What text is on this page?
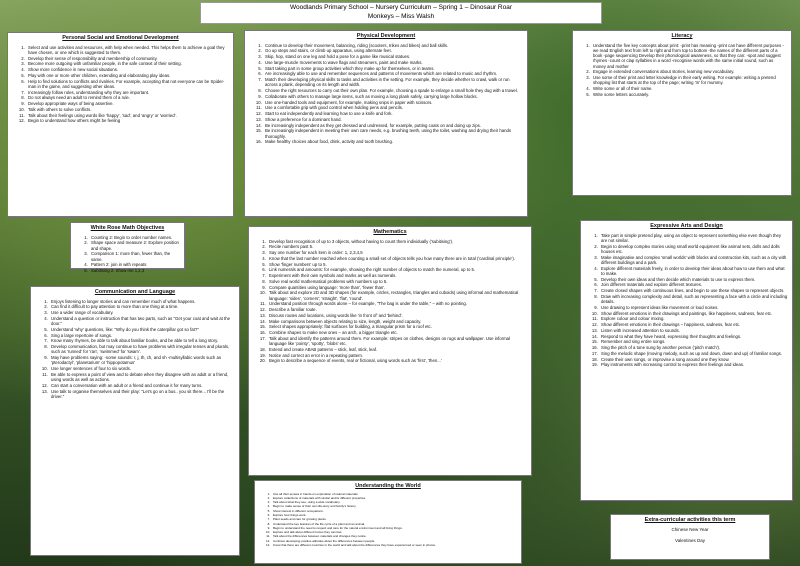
Woodlands Primary School – Nursery Curriculum – Spring 1 – Dinosaur Roar
Monkeys – Miss Walsh
Personal Social and Emotional Development
1. Select and use activities and resources, with help when needed. This helps them to achieve a goal they have chosen, or one which is suggested to them.
2. Develop their sense of responsibility and membership of community.
3. Become more outgoing with unfamiliar people, in the safe context of their setting.
4. Show more confidence in new social situations.
5. Play with one or more other children, extending and elaborating play ideas.
6. Help to find solutions to conflicts and rivalries. For example, accepting that not everyone can be Spider-man in the game, and suggesting other ideas.
7. Increasingly follow rules, understanding why they are important.
8. Do not always need an adult to remind them of a rule.
9. Develop appropriate ways of being assertive.
10. Talk with others to solve conflicts.
11. Talk about their feelings using words like 'happy', 'sad', and 'angry' or 'worried'.
12. Begin to understand how others might be feeling
White Rose Math Objectives
1. Counting 2: Begin to order number names.
2. Shape space and measure 2: Explore position and shape.
3. Comparison 1: more than, fewer than, the same.
4. Pattern 2: join in with repeats
5. Subitising 2: Show me 1,2,3
Communication and Language
1. Enjoys listening to longer stories and can remember much of what happens.
2. Can find it difficult to pay attention to more than one thing at a time.
3. Use a wider range of vocabulary.
4. Understand a question or instruction that has two parts, such as "Get your coat and wait at the door."
5. Understand 'why' questions, like: "Why do you think the caterpillar got so fat?"
6. Sing a large repertoire of songs.
7. Know many rhymes, be able to talk about familiar books, and be able to tell a long story.
8. Develop communication, but may continue to have problems with irregular tenses and plurals, such as 'runned' for 'ran', 'swimmed' for 'swam'.
9. May have problems saying: -some sounds: r, j, th, ch, and sh -multisyllabic words such as 'pterodactyl', 'planetarium' or 'hippopotamus'
10. Use longer sentences of four to six words.
11. Be able to express a point of view and to debate when they disagree with an adult or a friend, using words as well as actions.
12. Can start a conversation with an adult or a friend and continue it for many turns.
13. Use talk to organise themselves and their play: "Let's go on a bus.. you sit there... I'll be the driver."
Physical Development
1. Continue to develop their movement, balancing, riding (scooters, trikes and bikes) and ball skills.
2. Go up steps and stairs, or climb up apparatus, using alternate feet.
3. Skip, hop, stand on one leg and hold a pose for a game like musical statues.
4. Use large-muscle movements to wave flags and streamers, paint and make marks.
5. Start taking part in some group activities which they make up for themselves, or in teams.
6. Are increasingly able to use and remember sequences and patterns of movements which are related to music and rhythm.
7. Match their developing physical skills to tasks and activities in the setting. For example, they decide whether to crawl, walk or run across a plank, depending on its length and width.
8. Choose the right resources to carry out their own plan. For example, choosing a spade to enlarge a small hole they dug with a trowel.
9. Collaborate with others to manage large items, such as moving a long plank safely, carrying large hollow blocks.
10. Use one-handed tools and equipment, for example, making snips in paper with scissors.
11. Use a comfortable grip with good control when holding pens and pencils.
12. Start to eat independently and learning how to use a knife and fork.
13. Show a preference for a dominant hand.
14. Be increasingly independent as they get dressed and undressed, for example, putting coats on and doing up zips.
15. Be increasingly independent in meeting their own care needs, e.g. brushing teeth, using the toilet, washing and drying their hands thoroughly.
16. Make healthy choices about food, drink, activity and tooth brushing.
Mathematics
1. Develop fast recognition of up to 3 objects, without having to count them individually ('subitising').
2. Recite numbers past 5.
3. Say one number for each item in order: 1, 2,3,4,5
4. Know that the last number reached when counting a small set of objects tells you how many there are in total ('cardinal principle').
5. Show 'finger numbers' up to 5.
6. Link numerals and amounts: for example, showing the right number of objects to match the numeral, up to 5.
7. Experiment with their own symbols and marks as well as numerals.
8. Solve real world mathematical problems with numbers up to 5.
9. Compare quantities using language: 'more than', 'fewer than'.
10. Talk about and explore 2D and 3D shapes (for example, circles, rectangles, triangles and cuboids) using informal and mathematical language: 'sides', 'corners'; 'straight', 'flat', 'round'.
11. Understand position through words alone – for example, "The bag is under the table," – with no pointing.
12. Describe a familiar route.
13. Discuss routes and locations, using words like 'in front of' and 'behind'.
14. Make comparisons between objects relating to size, length, weight and capacity.
15. Select shapes appropriately: flat surfaces for building, a triangular prism for a roof etc.
16. Combine shapes to make new ones – an arch, a bigger triangle etc.
17. Talk about and identify the patterns around them. For example: stripes on clothes, designs on rugs and wallpaper. Use informal language like 'pointy', 'spotty', 'blobs' etc.
18. Extend and create ABAB patterns – stick, leaf, stick, leaf.
19. Notice and correct an error in a repeating pattern.
20. Begin to describe a sequence of events, real or fictional, using words such as 'first', 'then...'
Understanding the World
1. Use all their senses in hands-on exploration of natural materials.
2. Explore collections of materials with similar and/or different properties.
3. Talk about what they see, using a wide vocabulary.
4. Begin to make sense of their own life-story and family's history.
5. Show interest in different occupations.
6. Explore how things work.
7. Plant seeds and care for growing plants.
8. Understand the key features of the life cycle of a plant and an animal.
9. Begin to understand the need to respect and care for the natural environment and all living things.
10. Explore and talk about different forces they can feel.
11. Talk about the differences between materials and changes they notice.
12. Continue developing positive attitudes about the differences between people.
13. Know that there are different countries in the world and talk about the differences they have experienced or seen in photos.
Literacy
1. Understand the five key concepts about print: -print has meaning -print can have different purposes -we read English text from left to right and from top to bottom -the names of the different parts of a book -page sequencing Develop their phonological awareness, so that they can: -spot and suggest rhymes -count or clap syllables in a word -recognise words with the same initial sound, such as money and mother
2. Engage in extended conversations about stories, learning new vocabulary.
3. Use some of their print and letter knowledge in their early writing. For example: writing a pretend shopping list that starts at the top of the page; writing 'm' for mummy.
4. Write some or all of their name.
5. Write some letters accurately.
Expressive Arts and Design
1. Take part in simple pretend play, using an object to represent something else even though they are not similar.
2. Begin to develop complex stories using small world equipment like animal sets, dolls and dolls houses etc.
3. Make imaginative and complex 'small worlds' with blocks and construction kits, such as a city with different buildings and a park.
4. Explore different materials freely, in order to develop their ideas about how to use them and what to make.
5. Develop their own ideas and then decide which materials to use to express them.
6. Join different materials and explore different textures.
7. Create closed shapes with continuous lines, and begin to use these shapes to represent objects.
8. Draw with increasing complexity and detail, such as representing a face with a circle and including details.
9. Use drawing to represent ideas like movement or loud noises.
10. Show different emotions in their drawings and paintings, like happiness, sadness, fear etc.
11. Explore colour and colour mixing.
12. Show different emotions in their drawings – happiness, sadness, fear etc.
13. Listen with increased attention to sounds.
14. Respond to what they have heard, expressing their thoughts and feelings.
15. Remember and sing entire songs.
16. Sing the pitch of a tone sung by another person ('pitch match').
17. Sing the melodic shape (moving melody, such as up and down, down and up) of familiar songs.
18. Create their own songs, or improvise a song around one they know.
19. Play instruments with increasing control to express their feelings and ideas.
Extra-curricular activities this term
Chinese New Year
Valentines Day
